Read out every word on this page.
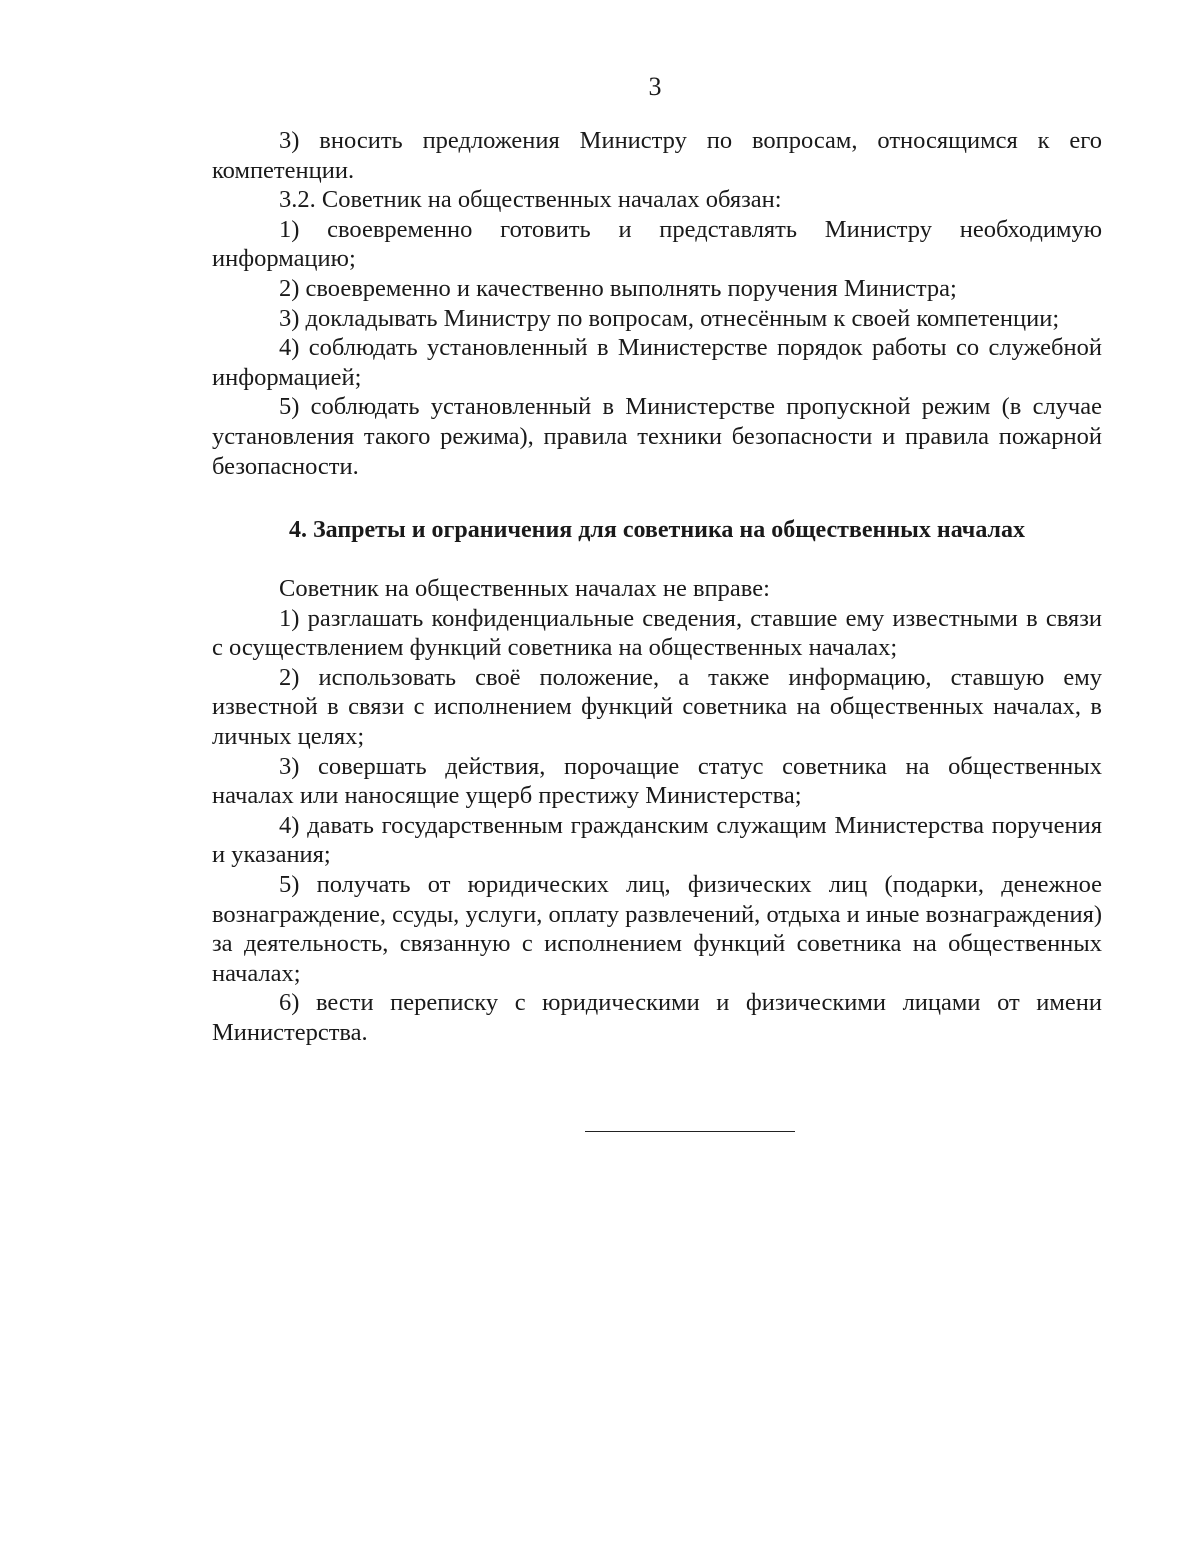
3

3) вносить предложения Министру по вопросам, относящимся к его компетенции.

3.2. Советник на общественных началах обязан:

1) своевременно готовить и представлять Министру необходимую информацию;

2) своевременно и качественно выполнять поручения Министра;

3) докладывать Министру по вопросам, отнесённым к своей компетенции;

4) соблюдать установленный в Министерстве порядок работы со служебной информацией;

5) соблюдать установленный в Министерстве пропускной режим (в случае установления такого режима), правила техники безопасности и правила пожарной безопасности.

4. Запреты и ограничения для советника на общественных началах

Советник на общественных началах не вправе:

1) разглашать конфиденциальные сведения, ставшие ему известными в связи с осуществлением функций советника на общественных началах;

2) использовать своё положение, а также информацию, ставшую ему известной в связи с исполнением функций советника на общественных началах, в личных целях;

3) совершать действия, порочащие статус советника на общественных началах или наносящие ущерб престижу Министерства;

4) давать государственным гражданским служащим Министерства поручения и указания;

5) получать от юридических лиц, физических лиц (подарки, денежное вознаграждение, ссуды, услуги, оплату развлечений, отдыха и иные вознаграждения) за деятельность, связанную с исполнением функций советника на общественных началах;

6) вести переписку с юридическими и физическими лицами от имени Министерства.
